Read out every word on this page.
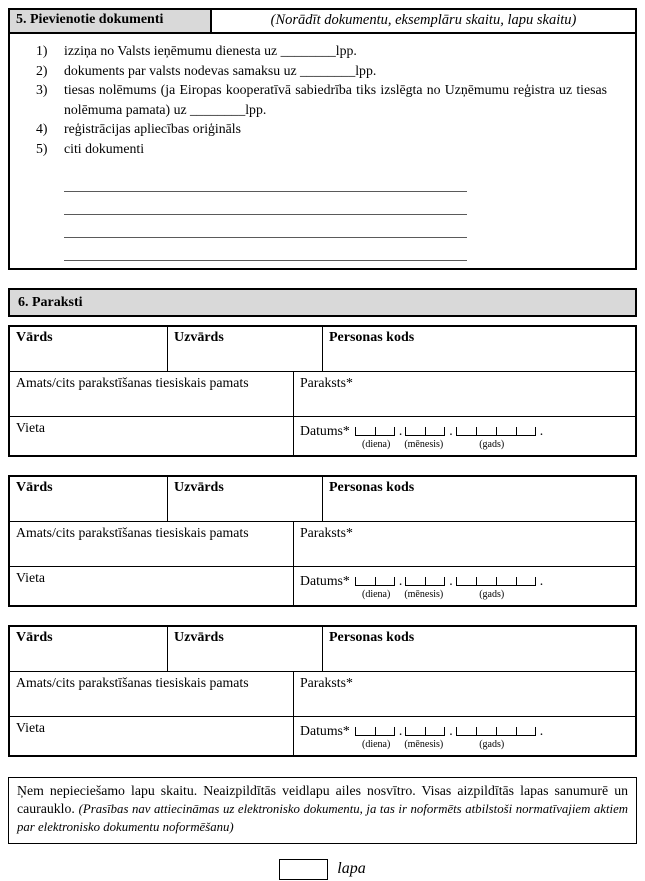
5. Pievienotie dokumenti	(Norādīt dokumentu, eksemplāru skaitu, lapu skaitu)
1)	izziņa no Valsts ieņēmumu dienesta uz ________lpp.
2)	dokuments par valsts nodevas samaksu uz ________lpp.
3)	tiesas nolēmums (ja Eiropas kooperatīvā sabiedrība tiks izslēgta no Uzņēmumu reģistra uz tiesas nolēmuma pamata) uz ________lpp.
4)	reģistrācijas apliecības oriģināls
5)	citi dokumenti
6. Paraksti
Vārds	Uzvārds	Personas kods
Amats/cits parakstīšanas tiesiskais pamats	Paraksts*
Vieta	Datums*	.	.	.
(diena) (mēnesis)	(gads)
Vārds	Uzvārds	Personas kods
Amats/cits parakstīšanas tiesiskais pamats	Paraksts*
Vieta	Datums*	.	.	.
(diena) (mēnesis)	(gads)
Vārds	Uzvārds	Personas kods
Amats/cits parakstīšanas tiesiskais pamats	Paraksts*
Vieta	Datums*	.	.	.
(diena) (mēnesis)	(gads)
Ņem nepieciešamo lapu skaitu. Neaizpildītās veidlapu ailes nosvītro. Visas aizpildītās lapas sanumurē un caurauklo. (Prasības nav attiecināmas uz elektronisko dokumentu, ja tas ir noformēts atbilstoši normatīvajiem aktiem par elektronisko dokumentu noformēšanu)
lapa
